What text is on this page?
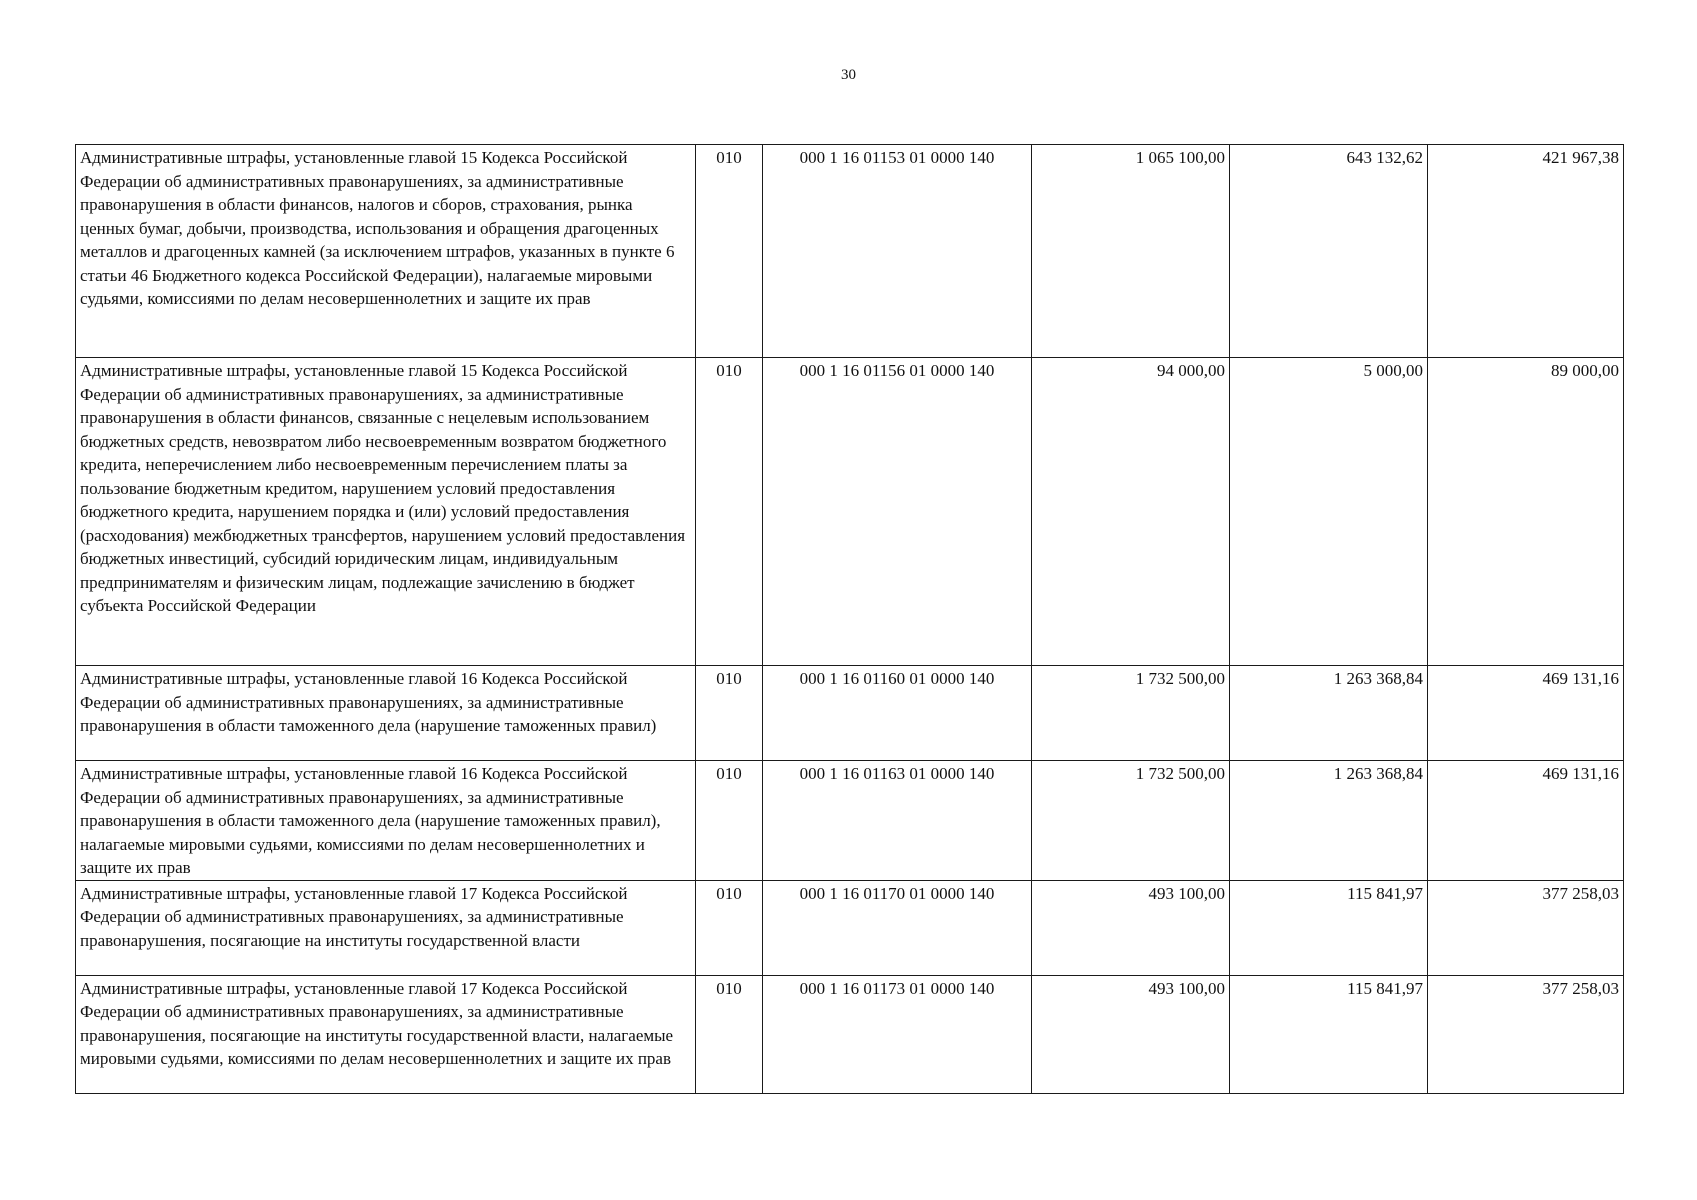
30
Административные штрафы, установленные главой 15 Кодекса Российской Федерации об административных правонарушениях, за административные правонарушения в области финансов, налогов и сборов, страхования, рынка ценных бумаг, добычи, производства, использования и обращения драгоценных металлов и драгоценных камней (за исключением штрафов, указанных в пункте 6 статьи 46 Бюджетного кодекса Российской Федерации), налагаемые мировыми судьями, комиссиями по делам несовершеннолетних и защите их прав	010	000 1 16 01153 01 0000 140	1 065 100,00	643 132,62	421 967,38
Административные штрафы, установленные главой 15 Кодекса Российской Федерации об административных правонарушениях, за административные правонарушения в области финансов, связанные с нецелевым использованием бюджетных средств, невозвратом либо несвоевременным возвратом бюджетного кредита, неперечислением либо несвоевременным перечислением платы за пользование бюджетным кредитом, нарушением условий предоставления бюджетного кредита, нарушением порядка и (или) условий предоставления (расходования) межбюджетных трансфертов, нарушением условий предоставления бюджетных инвестиций, субсидий юридическим лицам, индивидуальным предпринимателям и физическим лицам, подлежащие зачислению в бюджет субъекта Российской Федерации	010	000 1 16 01156 01 0000 140	94 000,00	5 000,00	89 000,00
Административные штрафы, установленные главой 16 Кодекса Российской Федерации об административных правонарушениях, за административные правонарушения в области таможенного дела (нарушение таможенных правил)	010	000 1 16 01160 01 0000 140	1 732 500,00	1 263 368,84	469 131,16
Административные штрафы, установленные главой 16 Кодекса Российской Федерации об административных правонарушениях, за административные правонарушения в области таможенного дела (нарушение таможенных правил), налагаемые мировыми судьями, комиссиями по делам несовершеннолетних и защите их прав	010	000 1 16 01163 01 0000 140	1 732 500,00	1 263 368,84	469 131,16
Административные штрафы, установленные главой 17 Кодекса Российской Федерации об административных правонарушениях, за административные правонарушения, посягающие на институты государственной власти	010	000 1 16 01170 01 0000 140	493 100,00	115 841,97	377 258,03
Административные штрафы, установленные главой 17 Кодекса Российской Федерации об административных правонарушениях, за административные правонарушения, посягающие на институты государственной власти, налагаемые мировыми судьями, комиссиями по делам несовершеннолетних и защите их прав	010	000 1 16 01173 01 0000 140	493 100,00	115 841,97	377 258,03
